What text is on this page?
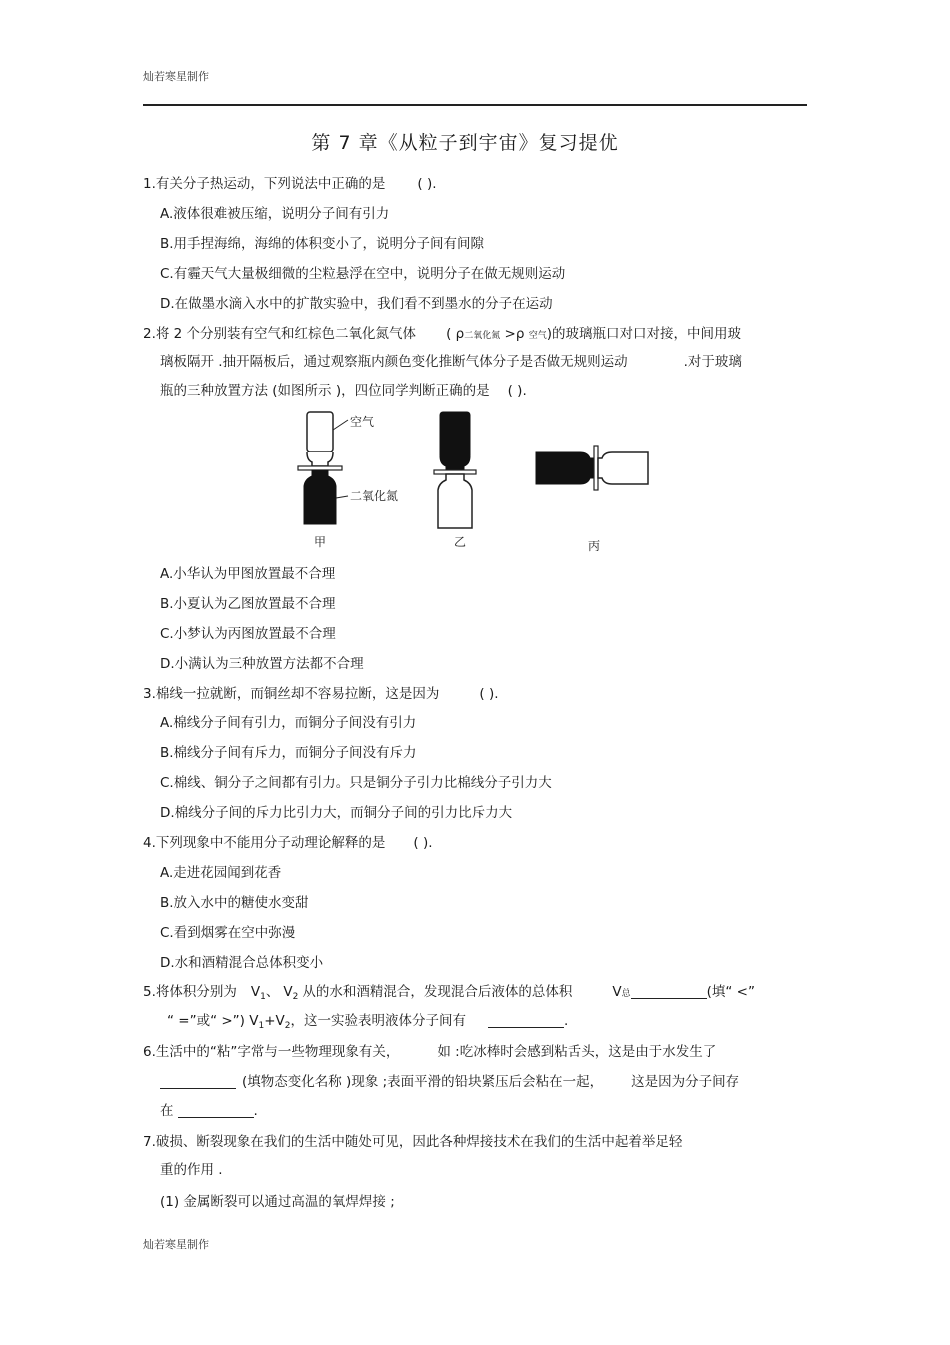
灿若寒星制作
第 7 章《从粒子到宇宙》复习提优
1.有关分子热运动，下列说法中正确的是 ( ).
A.液体很难被压缩，说明分子间有引力
B.用手捏海绵，海绵的体积变小了，说明分子间有间隙
C.有霾天气大量极细微的尘粒悬浮在空中，说明分子在做无规则运动
D.在做墨水滴入水中的扩散实验中，我们看不到墨水的分子在运动
2.将 2 个分别装有空气和红棕色二氧化氮气体 ( ρ二氧化氮 >ρ 空气)的玻璃瓶口对口对接，中间用玻
璃板隔开 .抽开隔板后，通过观察瓶内颜色变化推断气体分子是否做无规则运动	.对于玻璃
瓶的三种放置方法 (如图所示 )，四位同学判断正确的是 ( ).
空气
二氧化氮
甲	乙	丙
A.小华认为甲图放置最不合理
B.小夏认为乙图放置最不合理
C.小梦认为丙图放置最不合理
D.小满认为三种放置方法都不合理
3.棉线一拉就断，而铜丝却不容易拉断，这是因为	( ).
A.棉线分子间有引力，而铜分子间没有引力
B.棉线分子间有斥力，而铜分子间没有斥力
C.棉线、铜分子之间都有引力。只是铜分子引力比棉线分子引力大
D.棉线分子间的斥力比引力大，而铜分子间的引力比斥力大
4.下列现象中不能用分子动理论解释的是 ( ).
A.走进花园闻到花香
B.放入水中的糖使水变甜
C.看到烟雾在空中弥漫
D.水和酒精混合总体积变小
5.将体积分别为 $V_1$、 $V_2$ 从的水和酒精混合，发现混合后液体的总体积	V总	(填“ <”
“ =”或“ >”) $V_1+V_2$，这一实验表明液体分子间有	.
6.生活中的“粘”字常与一些物理现象有关，	如 :吃冰棒时会感到粘舌头，这是由于水发生了
(填物态变化名称 )现象 ;表面平滑的铅块紧压后会粘在一起， 这是因为分子间存
在	.
7.破损、断裂现象在我们的生活中随处可见，因此各种焊接技术在我们的生活中起着举足轻
重的作用 .
(1) 金属断裂可以通过高温的氧焊焊接 ;
灿若寒星制作
